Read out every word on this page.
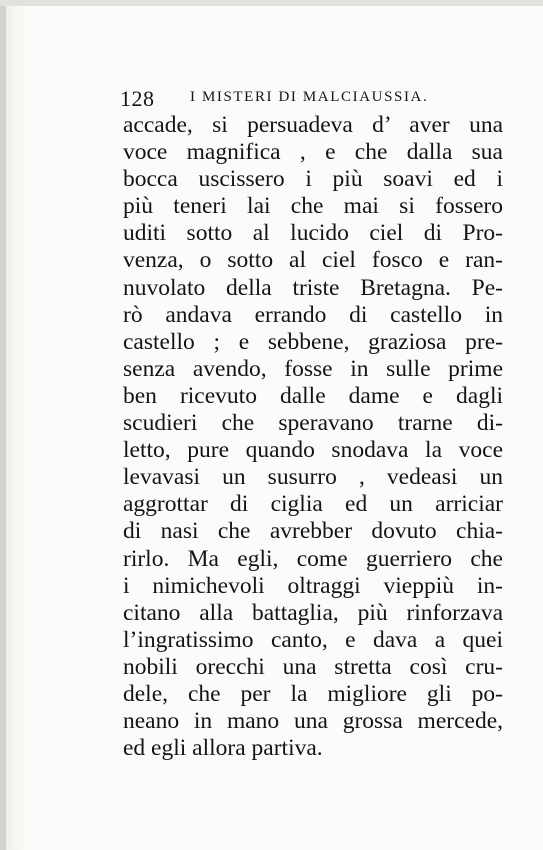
128 I MISTERI DI MALCIAUSSIA.
accade, si persuadeva d’ aver una
voce magnifica , e che dalla sua
bocca uscissero i più soavi ed i
più teneri lai che mai si fossero
uditi sotto al lucido ciel di Pro-
venza, o sotto al ciel fosco e ran-
nuvolato della triste Bretagna. Pe-
rò andava errando di castello in
castello ; e sebbene, graziosa pre-
senza avendo, fosse in sulle prime
ben ricevuto dalle dame e dagli
scudieri che speravano trarne di-
letto, pure quando snodava la voce
levavasi un susurro , vedeasi un
aggrottar di ciglia ed un arriciar
di nasi che avrebber dovuto chia-
rirlo. Ma egli, come guerriero che
i nimichevoli oltraggi vieppiù in-
citano alla battaglia, più rinforzava
l’ingratissimo canto, e dava a quei
nobili orecchi una stretta così cru-
dele, che per la migliore gli po-
neano in mano una grossa mercede,
ed egli allora partiva.
